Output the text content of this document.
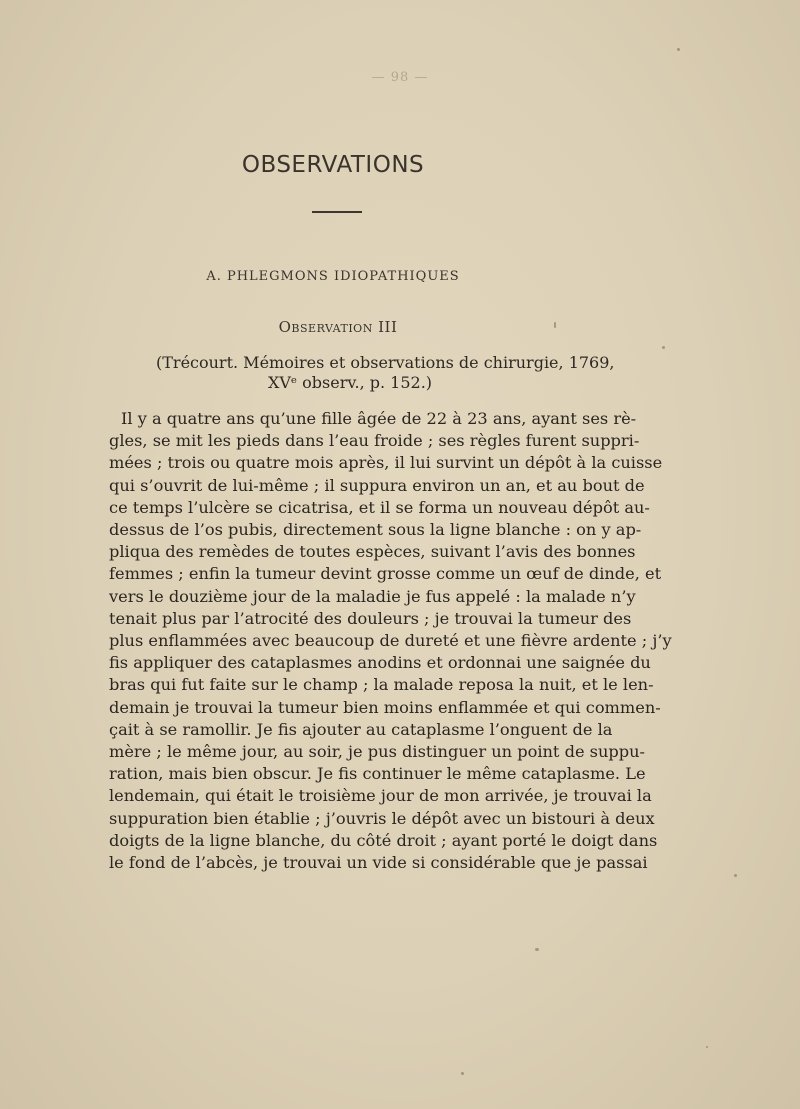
— 98 —
OBSERVATIONS
A. PHLEGMONS IDIOPATHIQUES
Observation III
(Trécourt. Mémoires et observations de chirurgie, 1769,
XVᵉ observ., p. 152.)
Il y a quatre ans qu’une fille âgée de 22 à 23 ans, ayant ses rè-
gles, se mit les pieds dans l’eau froide ; ses règles furent suppri-
mées ; trois ou quatre mois après, il lui survint un dépôt à la cuisse
qui s’ouvrit de lui-même ; il suppura environ un an, et au bout de
ce temps l’ulcère se cicatrisa, et il se forma un nouveau dépôt au-
dessus de l’os pubis, directement sous la ligne blanche : on y ap-
pliqua des remèdes de toutes espèces, suivant l’avis des bonnes
femmes ; enfin la tumeur devint grosse comme un œuf de dinde, et
vers le douzième jour de la maladie je fus appelé : la malade n’y
tenait plus par l’atrocité des douleurs ; je trouvai la tumeur des
plus enflammées avec beaucoup de dureté et une fièvre ardente ; j’y
fis appliquer des cataplasmes anodins et ordonnai une saignée du
bras qui fut faite sur le champ ; la malade reposa la nuit, et le len-
demain je trouvai la tumeur bien moins enflammée et qui commen-
çait à se ramollir. Je fis ajouter au cataplasme l’onguent de la
mère ; le même jour, au soir, je pus distinguer un point de suppu-
ration, mais bien obscur. Je fis continuer le même cataplasme. Le
lendemain, qui était le troisième jour de mon arrivée, je trouvai la
suppuration bien établie ; j’ouvris le dépôt avec un bistouri à deux
doigts de la ligne blanche, du côté droit ; ayant porté le doigt dans
le fond de l’abcès, je trouvai un vide si considérable que je passai
